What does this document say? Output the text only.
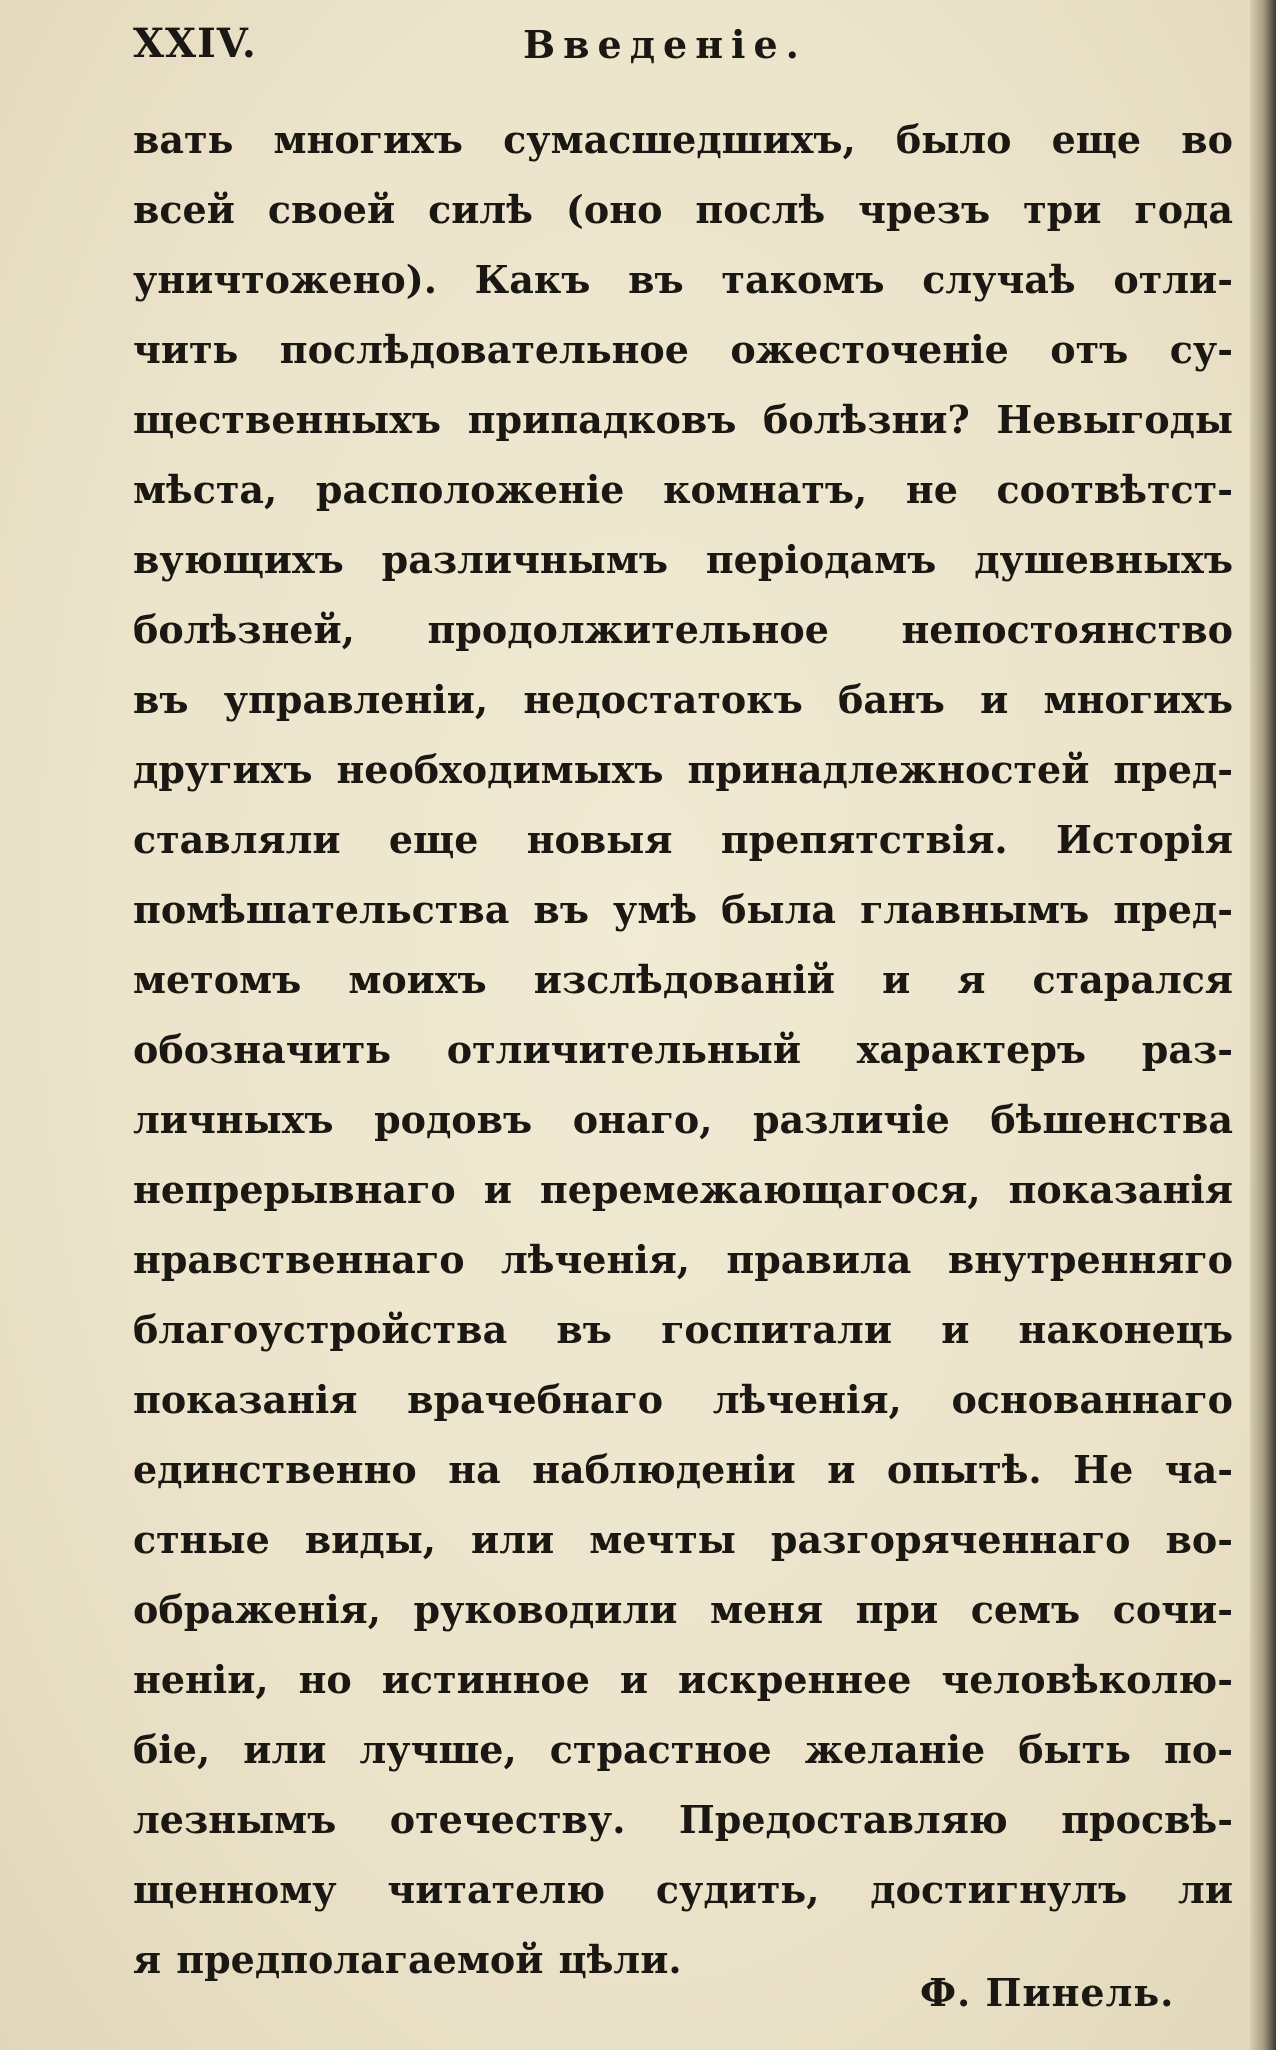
XXIV.	Введеніе.
вать многихъ сумасшедшихъ, было еще во
всей своей силѣ (оно послѣ чрезъ три года
уничтожено). Какъ въ такомъ случаѣ отли-
чить послѣдовательное ожесточеніе отъ су-
щественныхъ припадковъ болѣзни? Невыгоды
мѣста, расположеніе комнатъ, не соотвѣтст-
вующихъ различнымъ періодамъ душевныхъ
болѣзней, продолжительное непостоянство
въ управленіи, недостатокъ банъ и многихъ
другихъ необходимыхъ принадлежностей пред-
ставляли еще новыя препятствія. Исторія
помѣшательства въ умѣ была главнымъ пред-
метомъ моихъ изслѣдованій и я старался
обозначить отличительный характеръ раз-
личныхъ родовъ онаго, различіе бѣшенства
непрерывнаго и перемежающагося, показанія
нравственнаго лѣченія, правила внутренняго
благоустройства въ госпитали и наконецъ
показанія врачебнаго лѣченія, основаннаго
единственно на наблюденіи и опытѣ. Не ча-
стные виды, или мечты разгоряченнаго во-
ображенія, руководили меня при семъ сочи-
неніи, но истинное и искреннее человѣколю-
біе, или лучше, страстное желаніе быть по-
лезнымъ отечеству. Предоставляю просвѣ-
щенному читателю судить, достигнулъ ли
я предполагаемой цѣли.
Ф. Пинель.
